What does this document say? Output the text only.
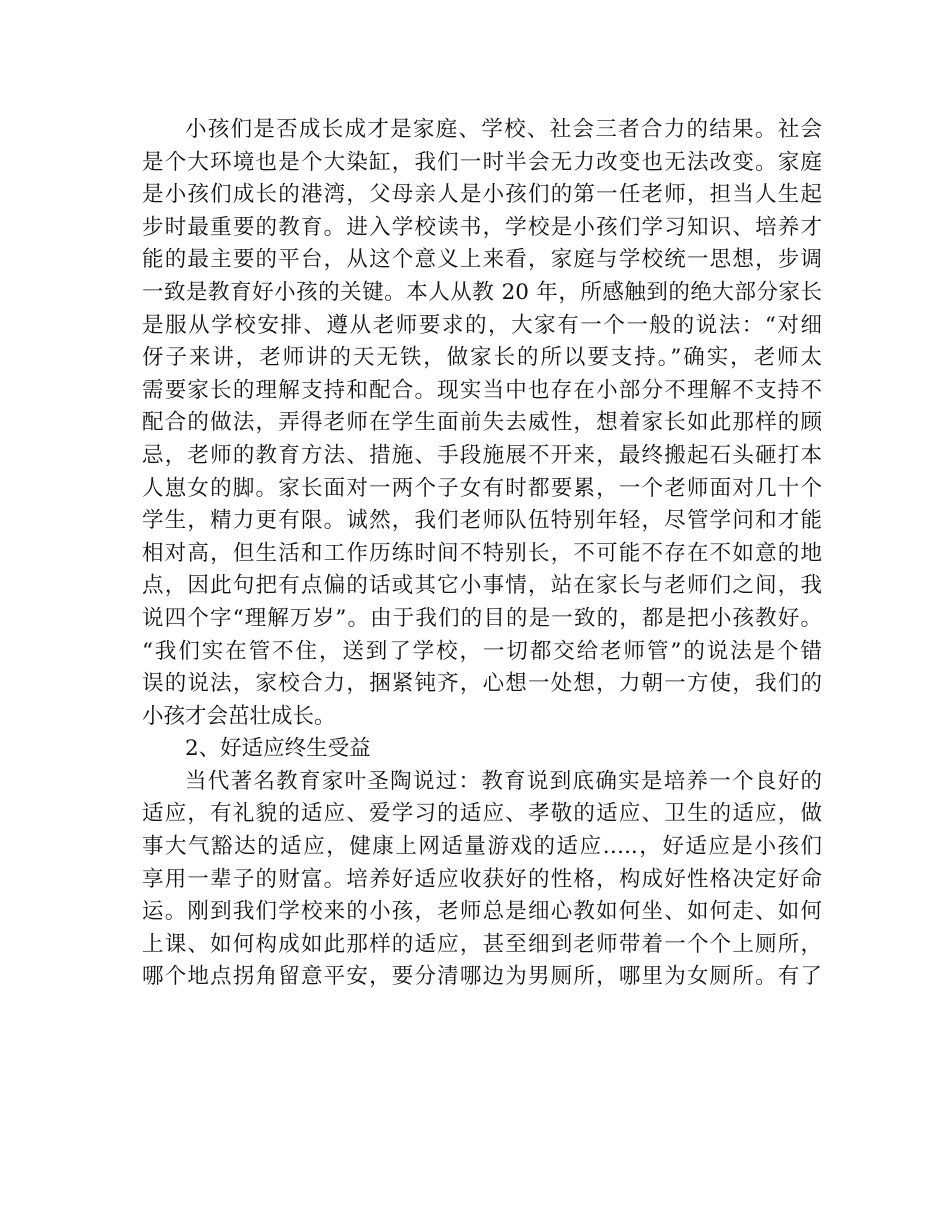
小孩们是否成长成才是家庭、学校、社会三者合力的结果。社会
是个大环境也是个大染缸，我们一时半会无力改变也无法改变。家庭
是小孩们成长的港湾，父母亲人是小孩们的第一任老师，担当人生起
步时最重要的教育。进入学校读书，学校是小孩们学习知识、培养才
能的最主要的平台，从这个意义上来看，家庭与学校统一思想，步调
一致是教育好小孩的关键。本人从教 20 年，所感触到的绝大部分家长
是服从学校安排、遵从老师要求的，大家有一个一般的说法：“对细
伢子来讲，老师讲的天无铁，做家长的所以要支持。”确实，老师太
需要家长的理解支持和配合。现实当中也存在小部分不理解不支持不
配合的做法，弄得老师在学生面前失去威性，想着家长如此那样的顾
忌，老师的教育方法、措施、手段施展不开来，最终搬起石头砸打本
人崽女的脚。家长面对一两个子女有时都要累，一个老师面对几十个
学生，精力更有限。诚然，我们老师队伍特别年轻，尽管学问和才能
相对高，但生活和工作历练时间不特别长，不可能不存在不如意的地
点，因此句把有点偏的话或其它小事情，站在家长与老师们之间，我
说四个字“理解万岁”。由于我们的目的是一致的，都是把小孩教好。
“我们实在管不住，送到了学校，一切都交给老师管”的说法是个错
误的说法，家校合力，捆紧钝齐，心想一处想，力朝一方使，我们的
小孩才会茁壮成长。
2、好适应终生受益
当代著名教育家叶圣陶说过：教育说到底确实是培养一个良好的
适应，有礼貌的适应、爱学习的适应、孝敬的适应、卫生的适应，做
事大气豁达的适应，健康上网适量游戏的适应…..，好适应是小孩们
享用一辈子的财富。培养好适应收获好的性格，构成好性格决定好命
运。刚到我们学校来的小孩，老师总是细心教如何坐、如何走、如何
上课、如何构成如此那样的适应，甚至细到老师带着一个个上厕所，
哪个地点拐角留意平安，要分清哪边为男厕所，哪里为女厕所。有了
